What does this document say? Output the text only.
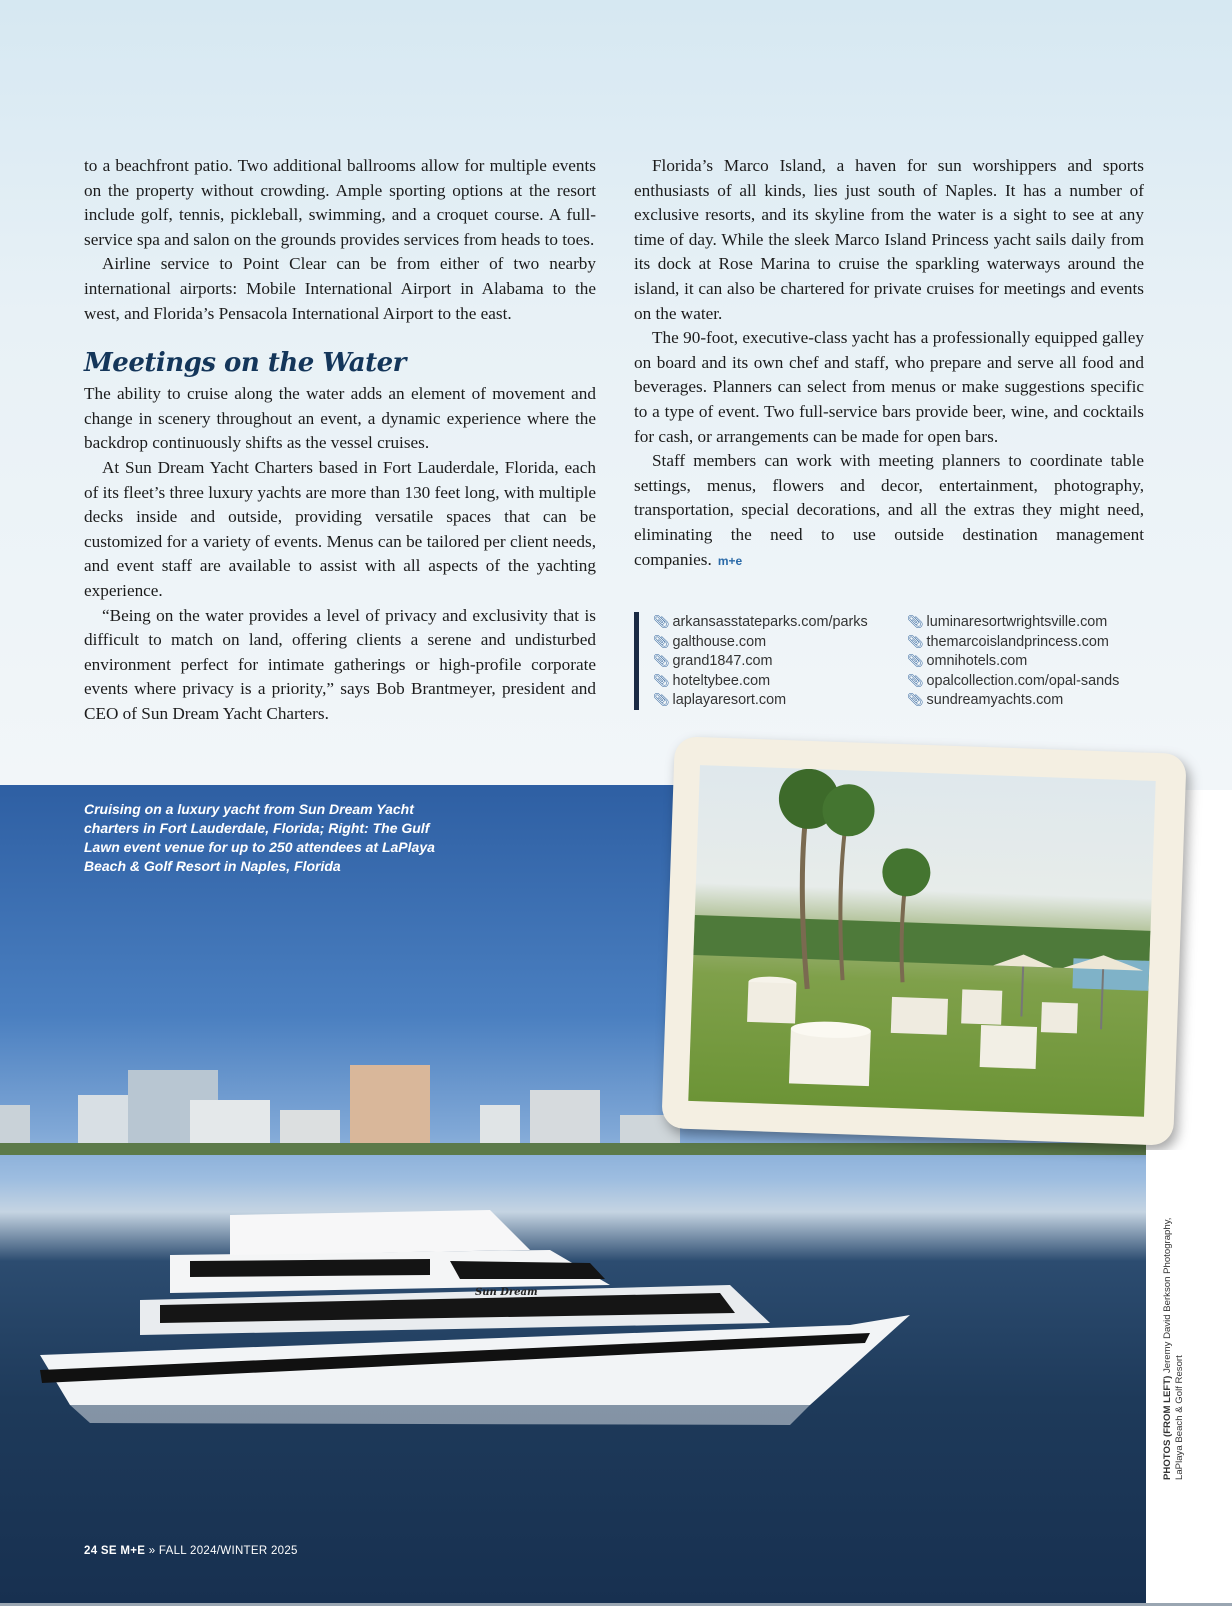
to a beachfront patio. Two additional ballrooms allow for multiple events on the property without crowding. Ample sporting options at the resort include golf, tennis, pickleball, swimming, and a croquet course. A full-service spa and salon on the grounds provides services from heads to toes.

Airline service to Point Clear can be from either of two nearby international airports: Mobile International Airport in Alabama to the west, and Florida’s Pensacola International Airport to the east.

Meetings on the Water

The ability to cruise along the water adds an element of movement and change in scenery throughout an event, a dynamic experience where the backdrop continuously shifts as the vessel cruises.

At Sun Dream Yacht Charters based in Fort Lauderdale, Florida, each of its fleet’s three luxury yachts are more than 130 feet long, with multiple decks inside and outside, providing versatile spaces that can be customized for a variety of events. Menus can be tailored per client needs, and event staff are available to assist with all aspects of the yachting experience.

“Being on the water provides a level of privacy and exclusivity that is difficult to match on land, offering clients a serene and undisturbed environment perfect for intimate gatherings or high-profile corporate events where privacy is a priority,” says Bob Brantmeyer, president and CEO of Sun Dream Yacht Charters.

Florida’s Marco Island, a haven for sun worshippers and sports enthusiasts of all kinds, lies just south of Naples. It has a number of exclusive resorts, and its skyline from the water is a sight to see at any time of day. While the sleek Marco Island Princess yacht sails daily from its dock at Rose Marina to cruise the sparkling waterways around the island, it can also be chartered for private cruises for meetings and events on the water.

The 90-foot, executive-class yacht has a professionally equipped galley on board and its own chef and staff, who prepare and serve all food and beverages. Planners can select from menus or make suggestions specific to a type of event. Two full-service bars provide beer, wine, and cocktails for cash, or arrangements can be made for open bars.

Staff members can work with meeting planners to coordinate table settings, menus, flowers and decor, entertainment, photography, transportation, special decorations, and all the extras they might need, eliminating the need to use outside destination management companies. m+e

📎︎ arkansasstateparks.com/parks
📎︎ galthouse.com
📎︎ grand1847.com
📎︎ hoteltybee.com
📎︎ laplayaresort.com
📎︎ luminaresortwrightsville.com
📎︎ themarcoislandprincess.com
📎︎ omnihotels.com
📎︎ opalcollection.com/opal-sands
📎︎ sundreamyachts.com
Sun Dream
Cruising on a luxury yacht from Sun Dream Yacht charters in Fort Lauderdale, Florida; Right: The Gulf Lawn event venue for up to 250 attendees at LaPlaya Beach & Golf Resort in Naples, Florida
PHOTOS (FROM LEFT) Jeremy David Berkson Photography,
LaPlaya Beach & Golf Resort
24 SE M+E » FALL 2024/WINTER 2025
